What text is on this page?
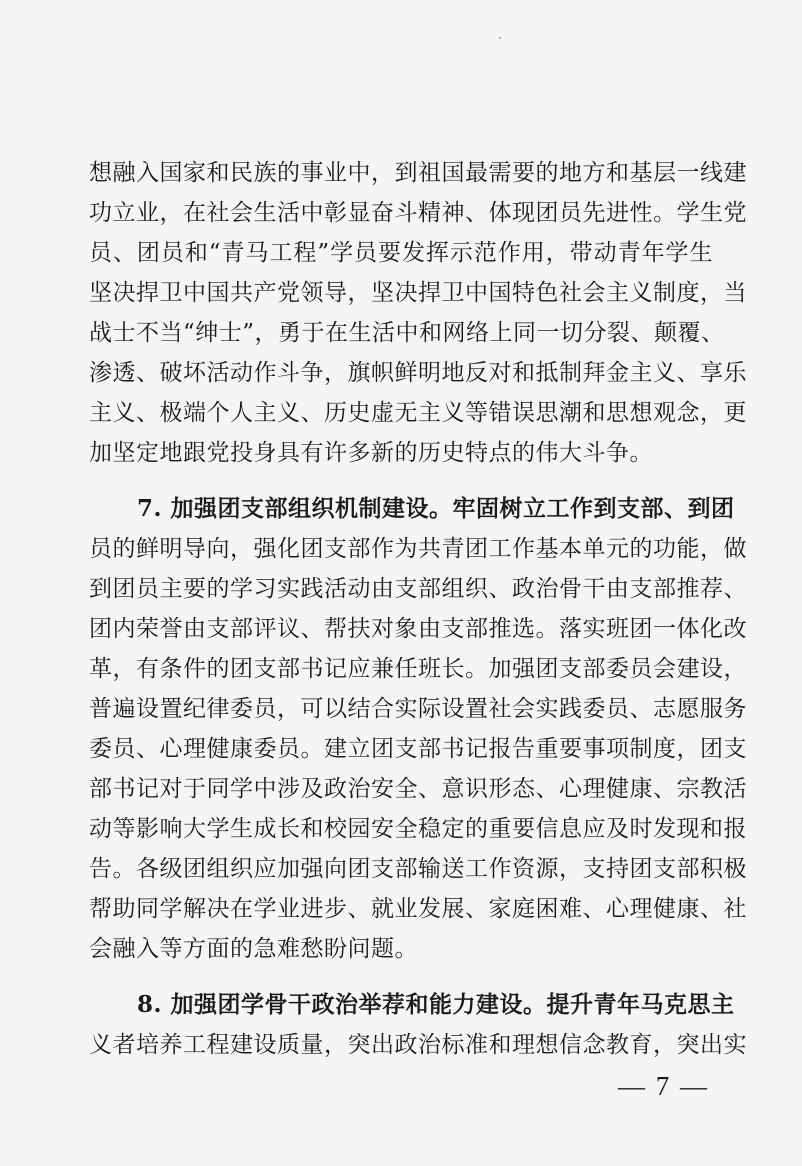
想融入国家和民族的事业中，到祖国最需要的地方和基层一线建
功立业，在社会生活中彰显奋斗精神、体现团员先进性。学生党
员、团员和“青马工程”学员要发挥示范作用，带动青年学生
坚决捍卫中国共产党领导，坚决捍卫中国特色社会主义制度，当
战士不当“绅士”，勇于在生活中和网络上同一切分裂、颠覆、
渗透、破坏活动作斗争，旗帜鲜明地反对和抵制拜金主义、享乐
主义、极端个人主义、历史虚无主义等错误思潮和思想观念，更
加坚定地跟党投身具有许多新的历史特点的伟大斗争。
7. 加强团支部组织机制建设。牢固树立工作到支部、到团
员的鲜明导向，强化团支部作为共青团工作基本单元的功能，做
到团员主要的学习实践活动由支部组织、政治骨干由支部推荐、
团内荣誉由支部评议、帮扶对象由支部推选。落实班团一体化改
革，有条件的团支部书记应兼任班长。加强团支部委员会建设，
普遍设置纪律委员，可以结合实际设置社会实践委员、志愿服务
委员、心理健康委员。建立团支部书记报告重要事项制度，团支
部书记对于同学中涉及政治安全、意识形态、心理健康、宗教活
动等影响大学生成长和校园安全稳定的重要信息应及时发现和报
告。各级团组织应加强向团支部输送工作资源，支持团支部积极
帮助同学解决在学业进步、就业发展、家庭困难、心理健康、社
会融入等方面的急难愁盼问题。
8. 加强团学骨干政治举荐和能力建设。提升青年马克思主
义者培养工程建设质量，突出政治标准和理想信念教育，突出实
— 7 —
